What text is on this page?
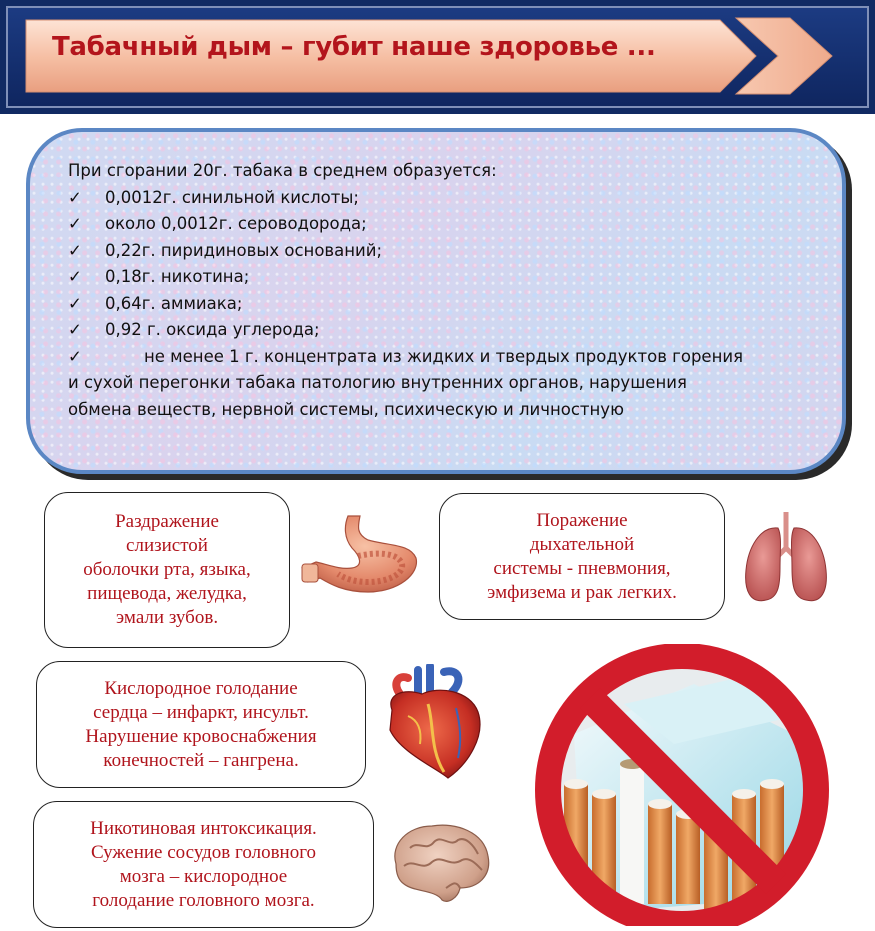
Табачный дым – губит наше здоровье ...
При сгорании 20г. табака в среднем образуется:
✓ 0,0012г. синильной кислоты;
✓ около 0,0012г. сероводорода;
✓ 0,22г. пиридиновых оснований;
✓ 0,18г. никотина;
✓ 0,64г. аммиака;
✓ 0,92 г. оксида углерода;
✓	не менее 1 г. концентрата из жидких и твердых продуктов горения
и сухой перегонки табака патологию внутренних органов, нарушения
обмена веществ, нервной системы, психическую и личностную
Раздражение
слизистой
оболочки рта, языка,
пищевода, желудка,
эмали зубов.
Поражение
дыхательной
системы - пневмония,
эмфизема и рак легких.
Кислородное голодание
сердца – инфаркт, инсульт.
Нарушение кровоснабжения
конечностей – гангрена.
Никотиновая интоксикация.
Сужение сосудов головного
мозга – кислородное
голодание головного мозга.
